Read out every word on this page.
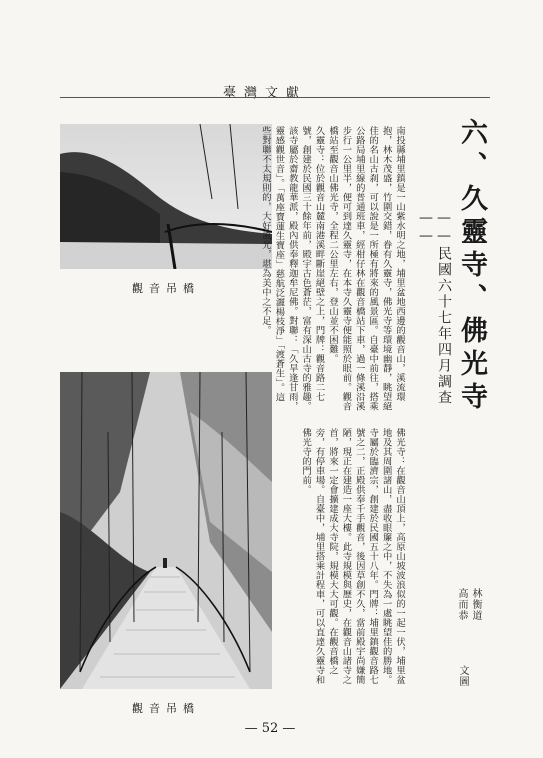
臺灣文獻
觀音吊橋
觀音吊橋
六、久靈寺、佛光寺
——民國六十七年四月調查——

南投縣埔里鎮是一山紫水明之地，埔里盆地西邊的觀音山，溪流環抱，林木茂盛，竹圍交錯，眷有久靈寺，佛光寺等環境幽靜，眺望絕佳的名山古刹，可以說是一所極有將來的風景區。自臺中前往，搭乘公路局埔里線的普通班車，經柑仔林在觀音橋站下車，過一條溪沿溪步行一公里半，便可到達久靈寺，在本寺久靈寺便能照於眼前。觀音橋站至觀音山佛光寺，全程二公里左右，登山並不困難。

久靈寺：位於觀音山麓南港溪畔斷崖絕壁之上，門牌：觀音路二七號，創建於民國三十餘年前，殿宇古色蒼茫，富有深山古寺的雅趣。該寺屬於齋教龍華派，殿內供奉釋迦牟尼佛。對聯：「久旱逢甘雨，靈感觀世音」。「萬座寶蓮生寶座」慈航泛灑楊枝淨」「渡蒼生」。這些對聯不太規則的，大好風光，堪為美中之不足。

佛光寺：在觀音山頂上，高原山坡波浪似的一起一伏，埔里盆地及其周圍諸山，盡收眼簾之中，不失為一處眺望佳的勝地。寺屬於臨濟宗，創建於民國五十八年。門牌：埔里鎮觀音路七號之二，正殿供奉千手觀音，後因草創不久，當前殿宇尚嫌簡陋，現正在建造一座大樓。此寺規模與歷史，在觀音山諸寺之首，將來一定會擴建成大寺院，規模大大可觀。在觀音橋之旁，有停車場。自臺中，埔里搭乘計程車，可以直達久靈寺和佛光寺的門前。

林衡道
高而恭
文圖
— 52 —
